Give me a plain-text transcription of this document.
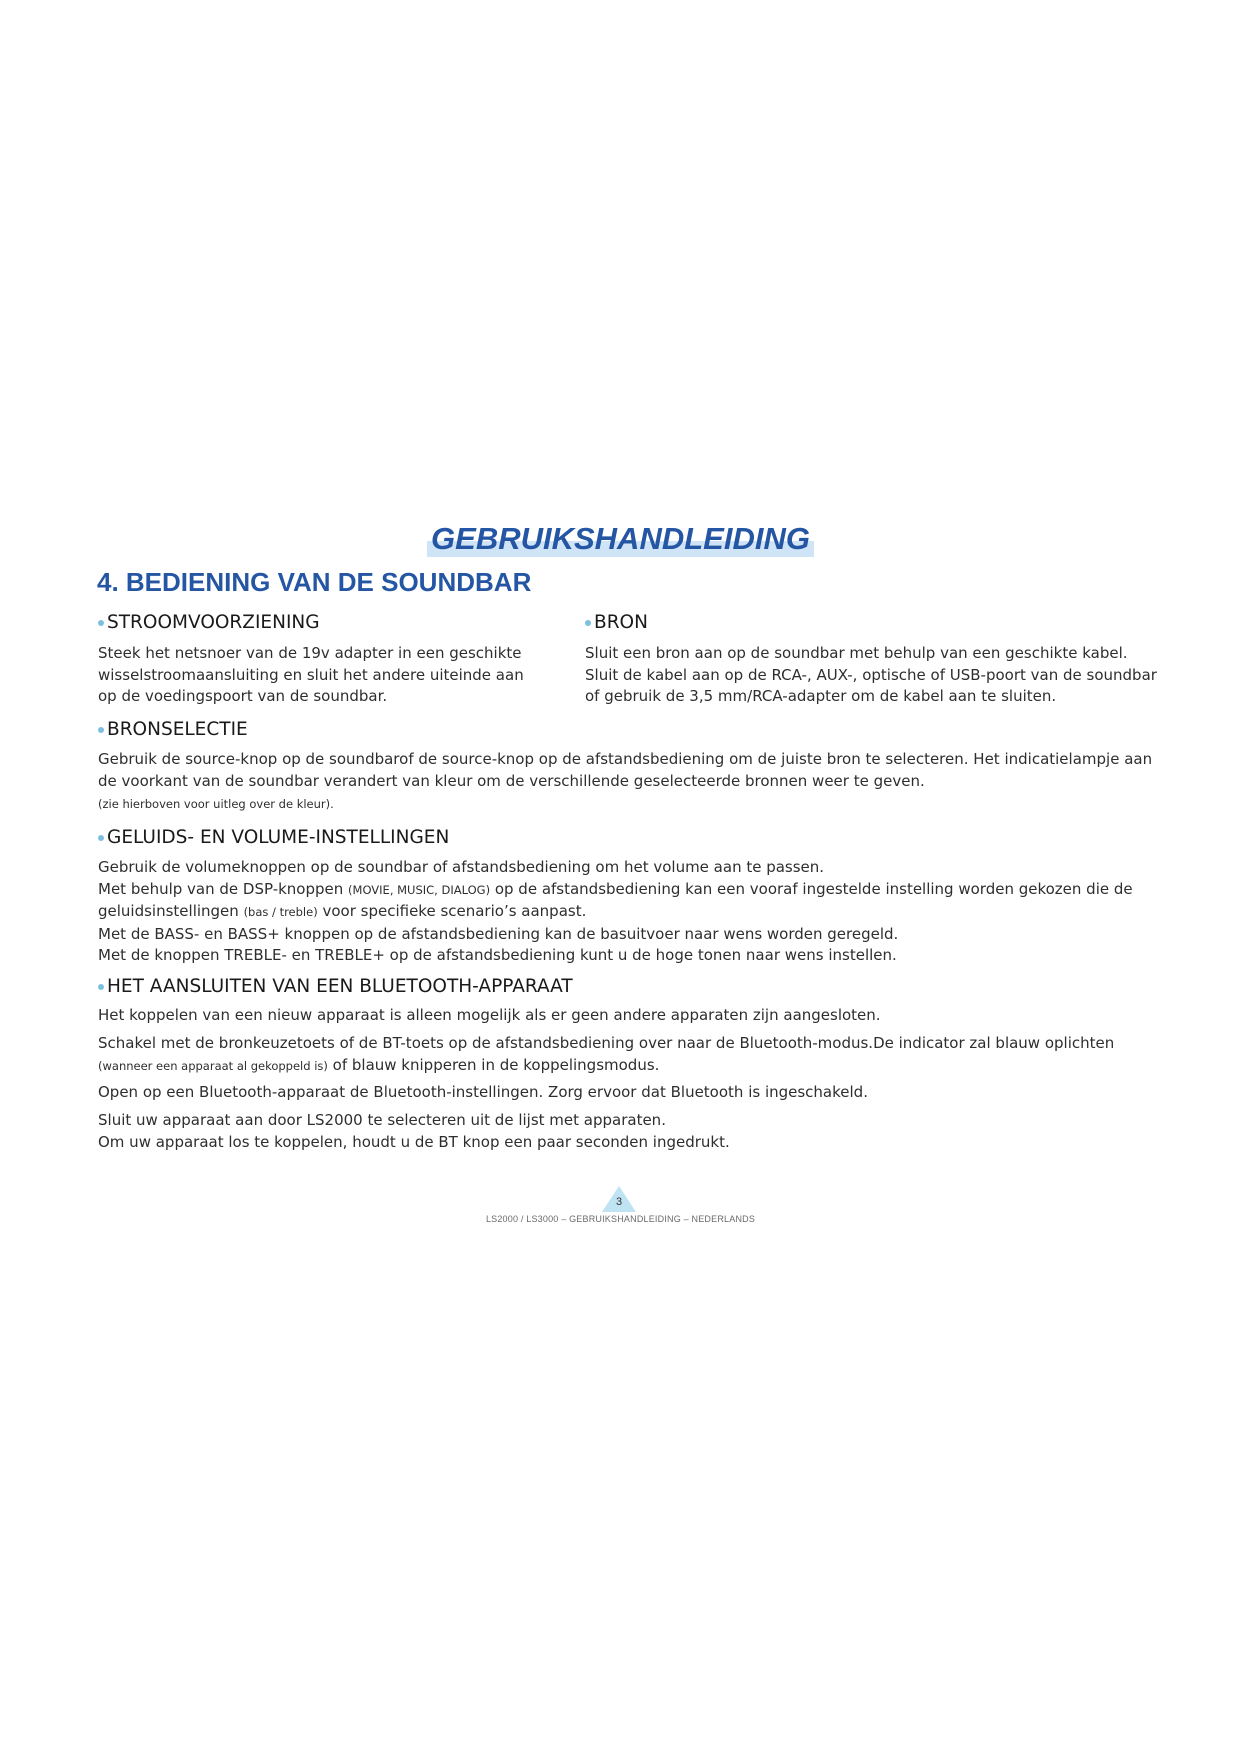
GEBRUIKSHANDLEIDING
4. BEDIENING VAN DE SOUNDBAR
STROOMVOORZIENING

Steek het netsnoer van de 19v adapter in een geschikte
wisselstroomaansluiting en sluit het andere uiteinde aan
op de voedingspoort van de soundbar.

BRON

Sluit een bron aan op de soundbar met behulp van een geschikte kabel.
Sluit de kabel aan op de RCA-, AUX-, optische of USB-poort van de soundbar
of gebruik de 3,5 mm/RCA-adapter om de kabel aan te sluiten.

BRONSELECTIE

Gebruik de source-knop op de soundbarof de source-knop op de afstandsbediening om de juiste bron te selecteren. Het indicatielampje aan
de voorkant van de soundbar verandert van kleur om de verschillende geselecteerde bronnen weer te geven.
(zie hierboven voor uitleg over de kleur).

GELUIDS- EN VOLUME-INSTELLINGEN

Gebruik de volumeknoppen op de soundbar of afstandsbediening om het volume aan te passen.
Met behulp van de DSP-knoppen (MOVIE, MUSIC, DIALOG) op de afstandsbediening kan een vooraf ingestelde instelling worden gekozen die de
geluidsinstellingen (bas / treble) voor specifieke scenario’s aanpast.
Met de BASS- en BASS+ knoppen op de afstandsbediening kan de basuitvoer naar wens worden geregeld.
Met de knoppen TREBLE- en TREBLE+ op de afstandsbediening kunt u de hoge tonen naar wens instellen.

HET AANSLUITEN VAN EEN BLUETOOTH-APPARAAT

Het koppelen van een nieuw apparaat is alleen mogelijk als er geen andere apparaten zijn aangesloten.

Schakel met de bronkeuzetoets of de BT-toets op de afstandsbediening over naar de Bluetooth-modus.De indicator zal blauw oplichten
(wanneer een apparaat al gekoppeld is) of blauw knipperen in de koppelingsmodus.

Open op een Bluetooth-apparaat de Bluetooth-instellingen. Zorg ervoor dat Bluetooth is ingeschakeld.

Sluit uw apparaat aan door LS2000 te selecteren uit de lijst met apparaten.
Om uw apparaat los te koppelen, houdt u de BT knop een paar seconden ingedrukt.

3
LS2000 / LS3000 – GEBRUIKSHANDLEIDING – NEDERLANDS
